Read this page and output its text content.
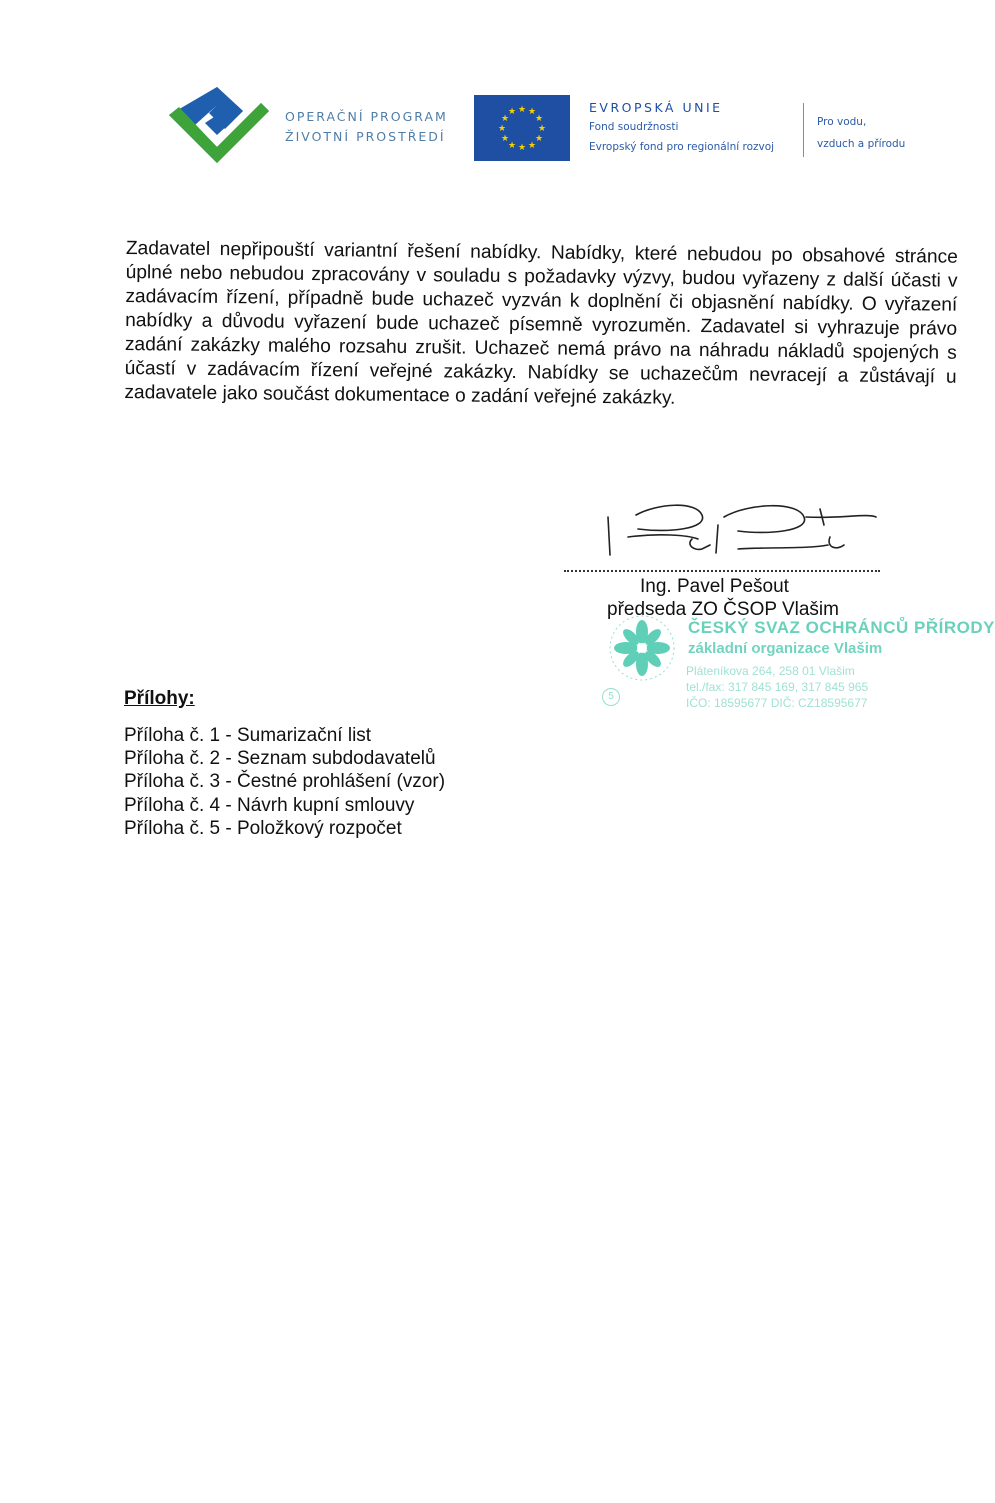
OPERAČNÍ PROGRAM
ŽIVOTNÍ PROSTŘEDÍ
★ ★
★
★
★
★
★
★
★
★
★
★	EVROPSKÁ UNIE
Fond soudržnosti
Evropský fond pro regionální rozvoj
Pro vodu,
vzduch a přírodu

Zadavatel nepřipouští variantní řešení nabídky. Nabídky, které nebudou po obsahové stránce úplné nebo nebudou zpracovány v souladu s požadavky výzvy, budou vyřazeny z další účasti v zadávacím řízení, případně bude uchazeč vyzván k doplnění či objasnění nabídky. O vyřazení nabídky a důvodu vyřazení bude uchazeč písemně vyrozuměn. Zadavatel si vyhrazuje právo zadání zakázky malého rozsahu zrušit. Uchazeč nemá právo na náhradu nákladů spojených s účastí v zadávacím řízení veřejné zakázky. Nabídky se uchazečům nevracejí a zůstávají u zadavatele jako součást dokumentace o zadání veřejné zakázky.

Ing. Pavel Pešout
předseda ZO ČSOP Vlašim
ČESKÝ SVAZ OCHRÁNCŮ PŘÍRODY
základní organizace Vlašim
Pláteníkova 264, 258 01 Vlašim
tel./fax: 317 845 169, 317 845 965
IČO: 18595677 DIČ: CZ18595677
5
Přílohy:
Příloha č. 1 - Sumarizační list
Příloha č. 2 - Seznam subdodavatelů
Příloha č. 3 - Čestné prohlášení (vzor)
Příloha č. 4 - Návrh kupní smlouvy
Příloha č. 5 - Položkový rozpočet
